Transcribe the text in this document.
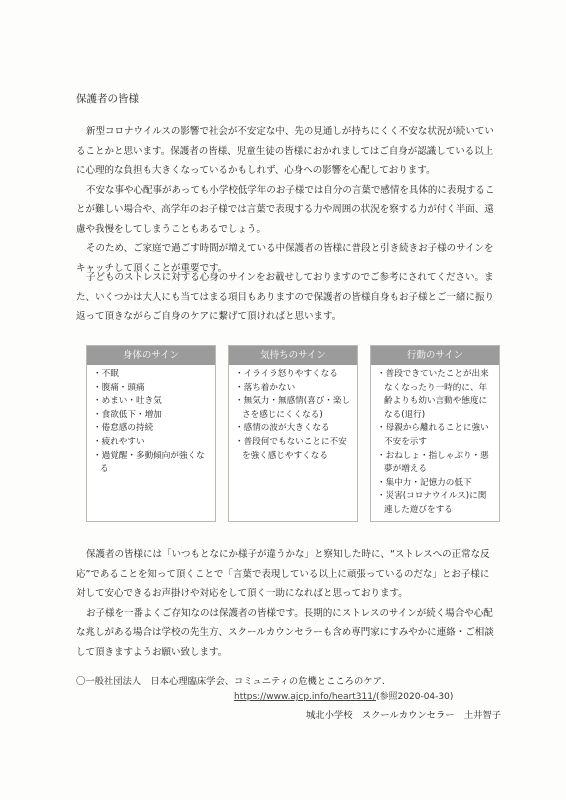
保護者の皆様

新型コロナウイルスの影響で社会が不安定な中、先の見通しが持ちにくく不安な状況が続いていることかと思います。保護者の皆様、児童生徒の皆様におかれましてはご自身が認識している以上に心理的な負担も大きくなっているかもしれず、心身への影響を心配しております。

不安な事や心配事があっても小学校低学年のお子様では自分の言葉で感情を具体的に表現することが難しい場合や、高学年のお子様では言葉で表現する力や周囲の状況を察する力が付く半面、遠慮や我慢をしてしまうこともあるでしょう。

そのため、ご家庭で過ごす時間が増えている中保護者の皆様に普段と引き続きお子様のサインをキャッチして頂くことが重要です。

子どものストレスに対する心身のサインをお載せしておりますのでご参考にされてください。また、いくつかは大人にも当てはまる項目もありますので保護者の皆様自身もお子様とご一緒に振り返って頂きながらご自身のケアに繋げて頂ければと思います。

身体のサイン
・不眠
・腹痛・頭痛
・めまい・吐き気
・食欲低下・増加
・倦怠感の持続
・疲れやすい
・過覚醒・多動傾向が強くなる
気持ちのサイン
・イライラ怒りやすくなる
・落ち着かない
・無気力・無感情(喜び・楽しさを感じにくくなる)
・感情の波が大きくなる
・普段何でもないことに不安を強く感じやすくなる
行動のサイン
・普段できていたことが出来なくなったり一時的に、年齢よりも幼い言動や態度になる(退行)
・母親から離れることに強い不安を示す
・おねしょ・指しゃぶり・悪夢が増える
・集中力・記憶力の低下
・災害(コロナウイルス)に関連した遊びをする

保護者の皆様には「いつもとなにか様子が違うかな」と察知した時に、“ストレスへの正常な反応”であることを知って頂くことで「言葉で表現している以上に頑張っているのだな」とお子様に対して安心できるお声掛けや対応をして頂く一助になればと思っております。

お子様を一番よくご存知なのは保護者の皆様です。長期的にストレスのサインが続く場合や心配な兆しがある場合は学校の先生方、スクールカウンセラーも含め専門家にすみやかに連絡・ご相談して頂きますようお願い致します。

〇一般社団法人　日本心理臨床学会、コミュニティの危機とこころのケア.
https://www.ajcp.info/heart311/(参照2020-04-30)
城北小学校　スクールカウンセラー　土井智子
